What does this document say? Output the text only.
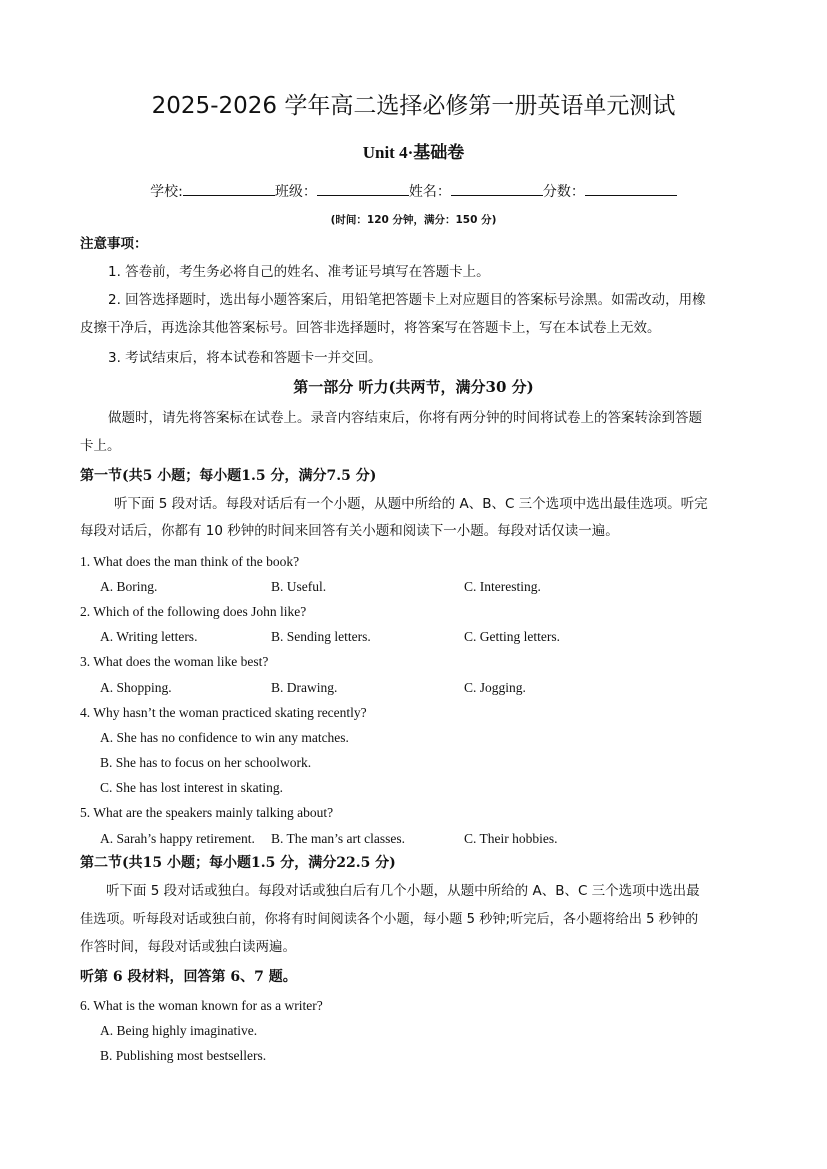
2025-2026 学年高二选择必修第一册英语单元测试
Unit 4·基础卷
学校:	班级：	姓名：	分数：
(时间：120 分钟，满分：150 分)
注意事项：
1. 答卷前，考生务必将自己的姓名、准考证号填写在答题卡上。
2. 回答选择题时，选出每小题答案后，用铅笔把答题卡上对应题目的答案标号涂黑。如需改动，用橡
皮擦干净后，再选涂其他答案标号。回答非选择题时，将答案写在答题卡上，写在本试卷上无效。
3. 考试结束后，将本试卷和答题卡一并交回。
第一部分 听力(共两节，满分30 分)
做题时，请先将答案标在试卷上。录音内容结束后，你将有两分钟的时间将试卷上的答案转涂到答题
卡上。
第一节(共5 小题；每小题1.5 分，满分7.5 分)
听下面 5 段对话。每段对话后有一个小题，从题中所给的 A、B、C 三个选项中选出最佳选项。听完
每段对话后，你都有 10 秒钟的时间来回答有关小题和阅读下一小题。每段对话仅读一遍。
1. What does the man think of the book?
A. Boring.	B. Useful.	C. Interesting.
2. Which of the following does John like?
A. Writing letters.	B. Sending letters.	C. Getting letters.
3. What does the woman like best?
A. Shopping.	B. Drawing.	C. Jogging.
4. Why hasn’t the woman practiced skating recently?
A. She has no confidence to win any matches.
B. She has to focus on her schoolwork.
C. She has lost interest in skating.
5. What are the speakers mainly talking about?
A. Sarah’s happy retirement. B. The man’s art classes.	C. Their hobbies.
第二节(共15 小题；每小题1.5 分，满分22.5 分)
听下面 5 段对话或独白。每段对话或独白后有几个小题，从题中所给的 A、B、C 三个选项中选出最
佳选项。听每段对话或独白前，你将有时间阅读各个小题，每小题 5 秒钟;听完后，各小题将给出 5 秒钟的
作答时间，每段对话或独白读两遍。
听第 6 段材料，回答第 6、7 题。
6. What is the woman known for as a writer?
A. Being highly imaginative.
B. Publishing most bestsellers.
